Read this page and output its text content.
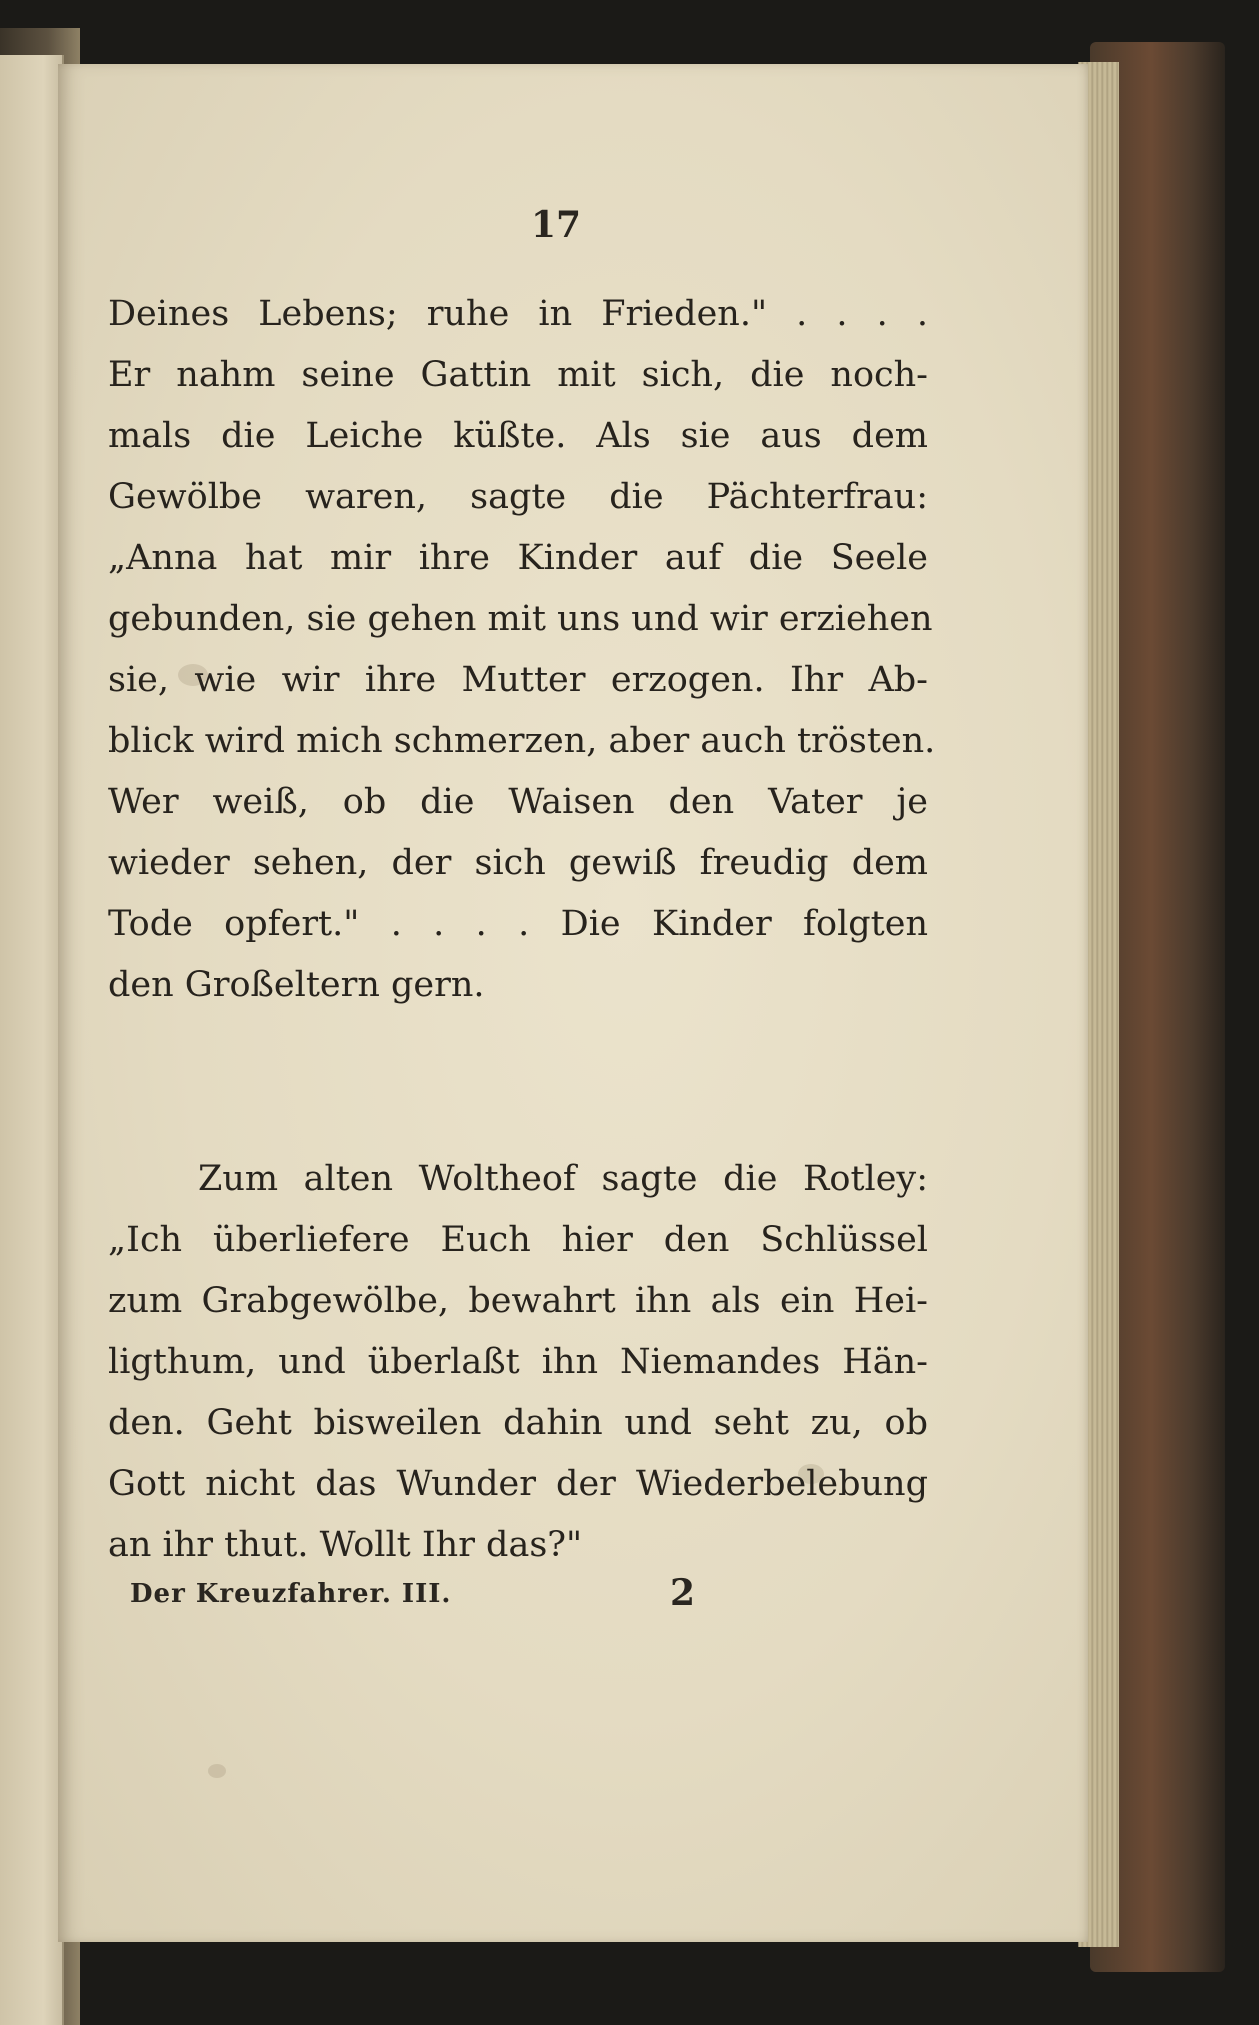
17
Deines Lebens; ruhe in Frieden." . . . .
Er nahm seine Gattin mit sich, die noch-
mals die Leiche küßte. Als sie aus dem
Gewölbe waren, sagte die Pächterfrau:
„Anna hat mir ihre Kinder auf die Seele
gebunden, sie gehen mit uns und wir erziehen
sie, wie wir ihre Mutter erzogen. Ihr Ab-
blick wird mich schmerzen, aber auch trösten.
Wer weiß, ob die Waisen den Vater je
wieder sehen, der sich gewiß freudig dem
Tode opfert." . . . . Die Kinder folgten
den Großeltern gern.
Zum alten Woltheof sagte die Rotley:
„Ich überliefere Euch hier den Schlüssel
zum Grabgewölbe, bewahrt ihn als ein Hei-
ligthum, und überlaßt ihn Niemandes Hän-
den. Geht bisweilen dahin und seht zu, ob
Gott nicht das Wunder der Wiederbelebung
an ihr thut. Wollt Ihr das?"
Der Kreuzfahrer. III.	2
